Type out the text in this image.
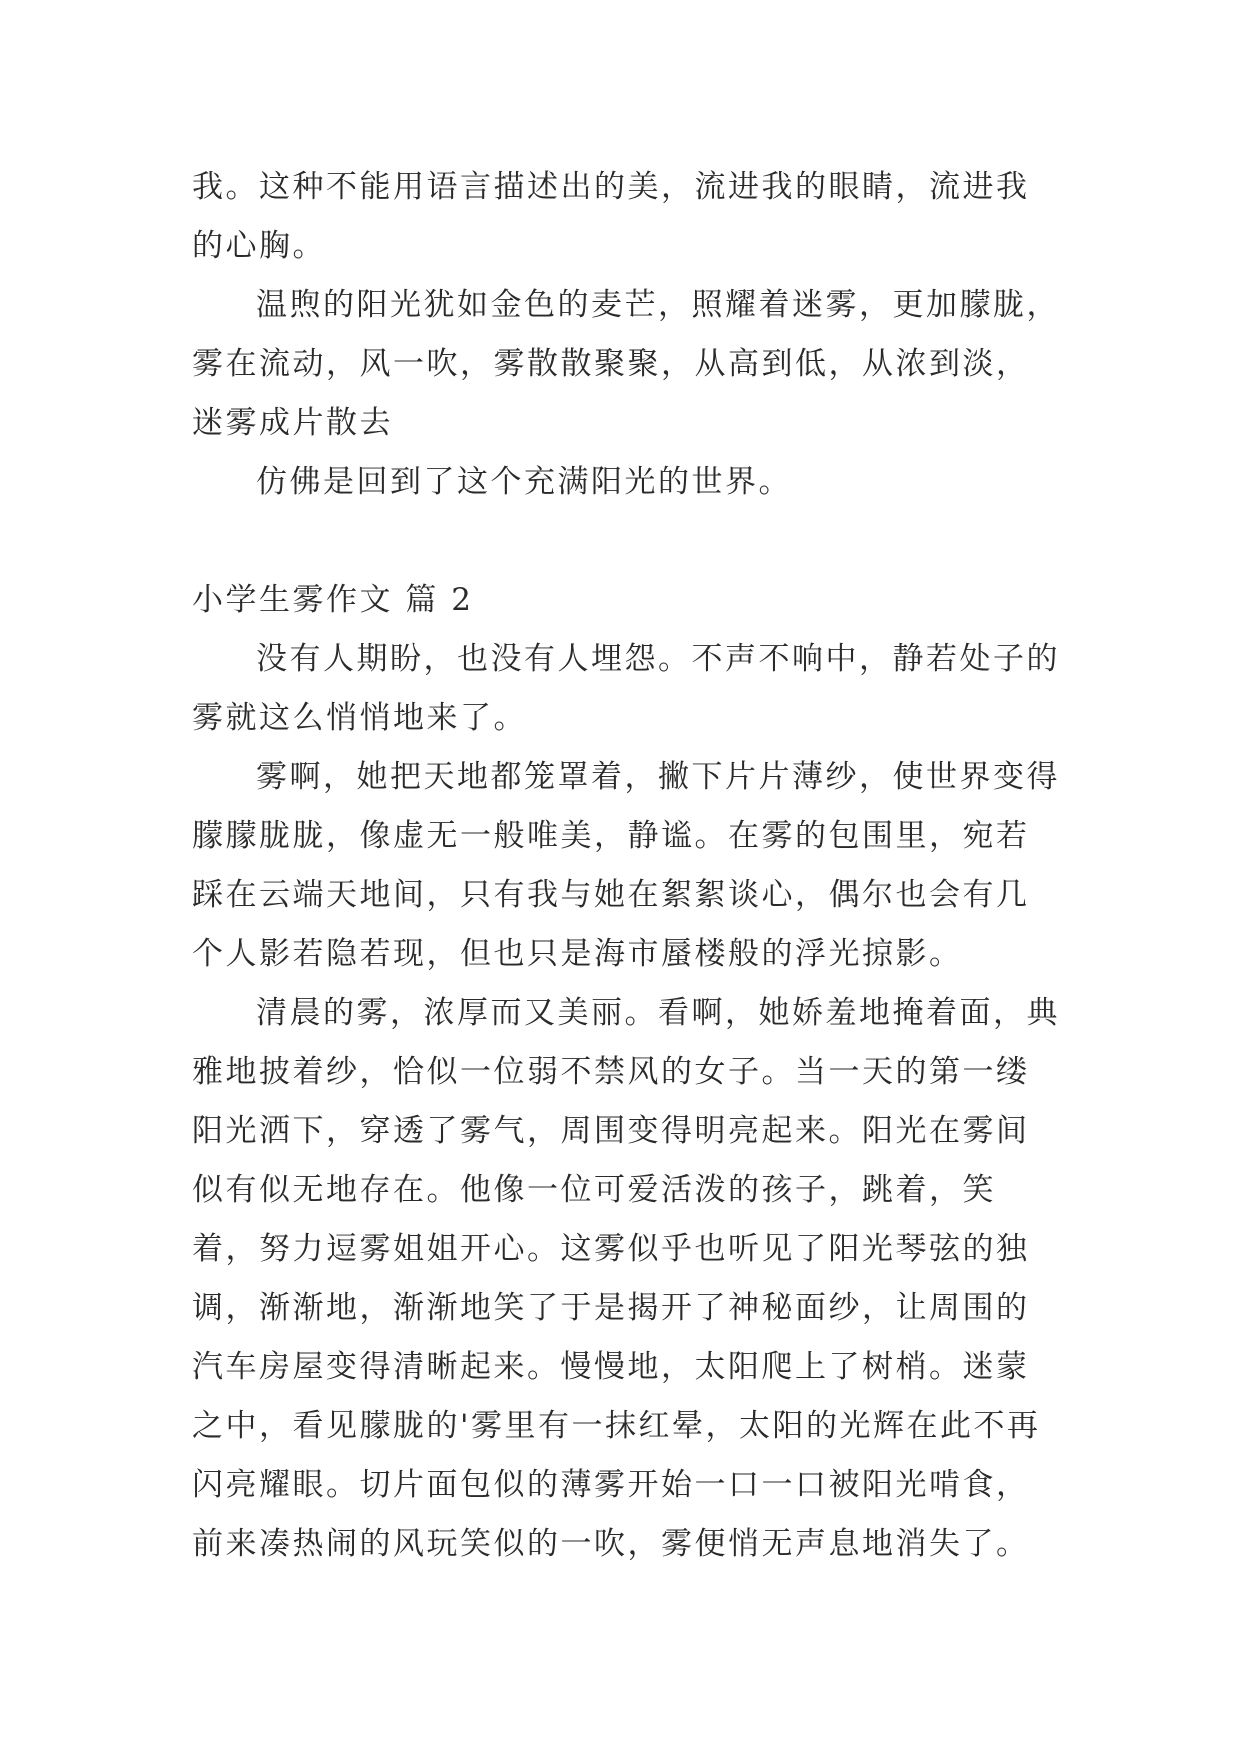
我。这种不能用语言描述出的美，流进我的眼睛，流进我的心胸。

温煦的阳光犹如金色的麦芒，照耀着迷雾，更加朦胧，雾在流动，风一吹，雾散散聚聚，从高到低，从浓到淡，迷雾成片散去

仿佛是回到了这个充满阳光的世界。

小学生雾作文 篇 2

没有人期盼，也没有人埋怨。不声不响中，静若处子的雾就这么悄悄地来了。

雾啊，她把天地都笼罩着，撇下片片薄纱，使世界变得朦朦胧胧，像虚无一般唯美，静谧。在雾的包围里，宛若踩在云端天地间，只有我与她在絮絮谈心，偶尔也会有几个人影若隐若现，但也只是海市蜃楼般的浮光掠影。

清晨的雾，浓厚而又美丽。看啊，她娇羞地掩着面，典雅地披着纱，恰似一位弱不禁风的女子。当一天的第一缕阳光洒下，穿透了雾气，周围变得明亮起来。阳光在雾间似有似无地存在。他像一位可爱活泼的孩子，跳着，笑着，努力逗雾姐姐开心。这雾似乎也听见了阳光琴弦的独调，渐渐地，渐渐地笑了于是揭开了神秘面纱，让周围的汽车房屋变得清晰起来。慢慢地，太阳爬上了树梢。迷蒙之中，看见朦胧的'雾里有一抹红晕，太阳的光辉在此不再闪亮耀眼。切片面包似的薄雾开始一口一口被阳光啃食，前来凑热闹的风玩笑似的一吹，雾便悄无声息地消失了。
